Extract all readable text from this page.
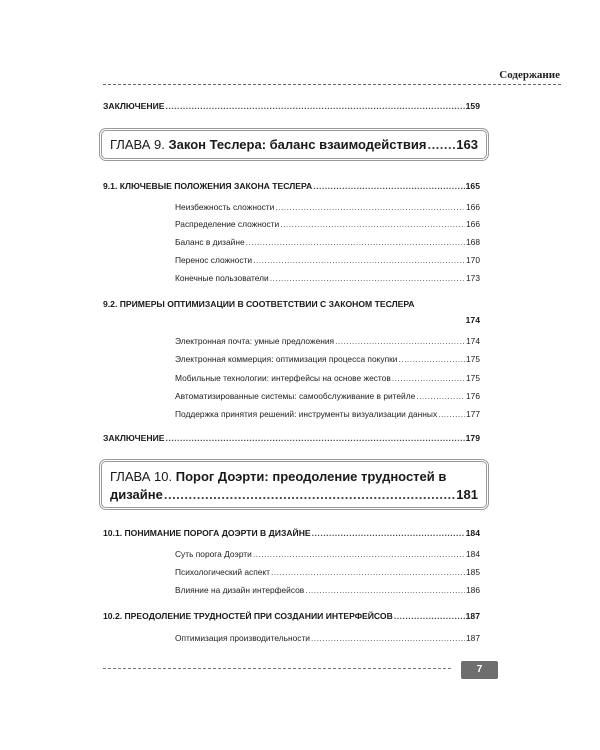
Содержание
ЗАКЛЮЧЕНИЕ .....	159
ГЛАВА 9. Закон Теслера: баланс взаимодействия ..... 163
9.1. КЛЮЧЕВЫЕ ПОЛОЖЕНИЯ ЗАКОНА ТЕСЛЕРА .....	165
Неизбежность сложности .....	166
Распределение сложности .....	166
Баланс в дизайне .....	168
Перенос сложности .....	170
Конечные пользователи .....	173
9.2. ПРИМЕРЫ ОПТИМИЗАЦИИ В СООТВЕТСТВИИ С ЗАКОНОМ ТЕСЛЕРА
174
Электронная почта: умные предложения .....	174
Электронная коммерция: оптимизация процесса покупки .....	175
Мобильные технологии: интерфейсы на основе жестов .....	175
Автоматизированные системы: самообслуживание в ритейле .....	176
Поддержка принятия решений: инструменты визуализации данных .....	177
ЗАКЛЮЧЕНИЕ .....	179
ГЛАВА 10. Порог Доэрти: преодоление трудностей в
дизайне .....	181
10.1. ПОНИМАНИЕ ПОРОГА ДОЭРТИ В ДИЗАЙНЕ .....	184
Суть порога Доэрти .....	184
Психологический аспект .....	185
Влияние на дизайн интерфейсов .....	186
10.2. ПРЕОДОЛЕНИЕ ТРУДНОСТЕЙ ПРИ СОЗДАНИИ ИНТЕРФЕЙСОВ .....	187
Оптимизация производительности .....	187
7
